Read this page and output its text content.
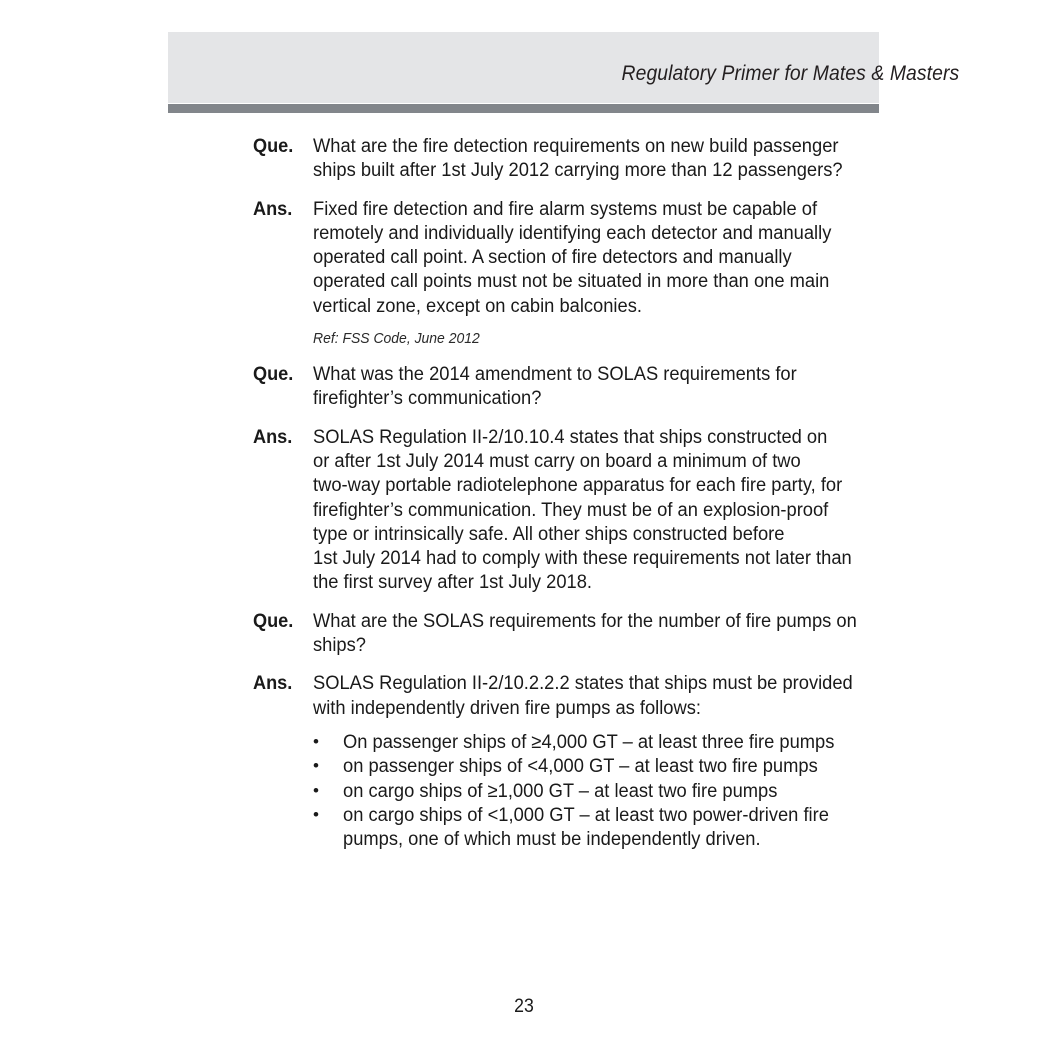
Regulatory Primer for Mates & Masters
Que.	What are the fire detection requirements on new build passenger
ships built after 1st July 2012 carrying more than 12 passengers?
Ans.	Fixed fire detection and fire alarm systems must be capable of
remotely and individually identifying each detector and manually
operated call point. A section of fire detectors and manually
operated call points must not be situated in more than one main
vertical zone, except on cabin balconies.
Ref: FSS Code, June 2012
Que.	What was the 2014 amendment to SOLAS requirements for
firefighter’s communication?
Ans.	SOLAS Regulation II-2/10.10.4 states that ships constructed on
or after 1st July 2014 must carry on board a minimum of two
two-way portable radiotelephone apparatus for each fire party, for
firefighter’s communication. They must be of an explosion-proof
type or intrinsically safe. All other ships constructed before
1st July 2014 had to comply with these requirements not later than
the first survey after 1st July 2018.
Que.	What are the SOLAS requirements for the number of fire pumps on
ships?
Ans.	SOLAS Regulation II-2/10.2.2.2 states that ships must be provided
with independently driven fire pumps as follows:
•	On passenger ships of ≥4,000 GT – at least three fire pumps
•	on passenger ships of <4,000 GT – at least two fire pumps
•	on cargo ships of ≥1,000 GT – at least two fire pumps
•	on cargo ships of <1,000 GT – at least two power-driven fire
pumps, one of which must be independently driven.
23
